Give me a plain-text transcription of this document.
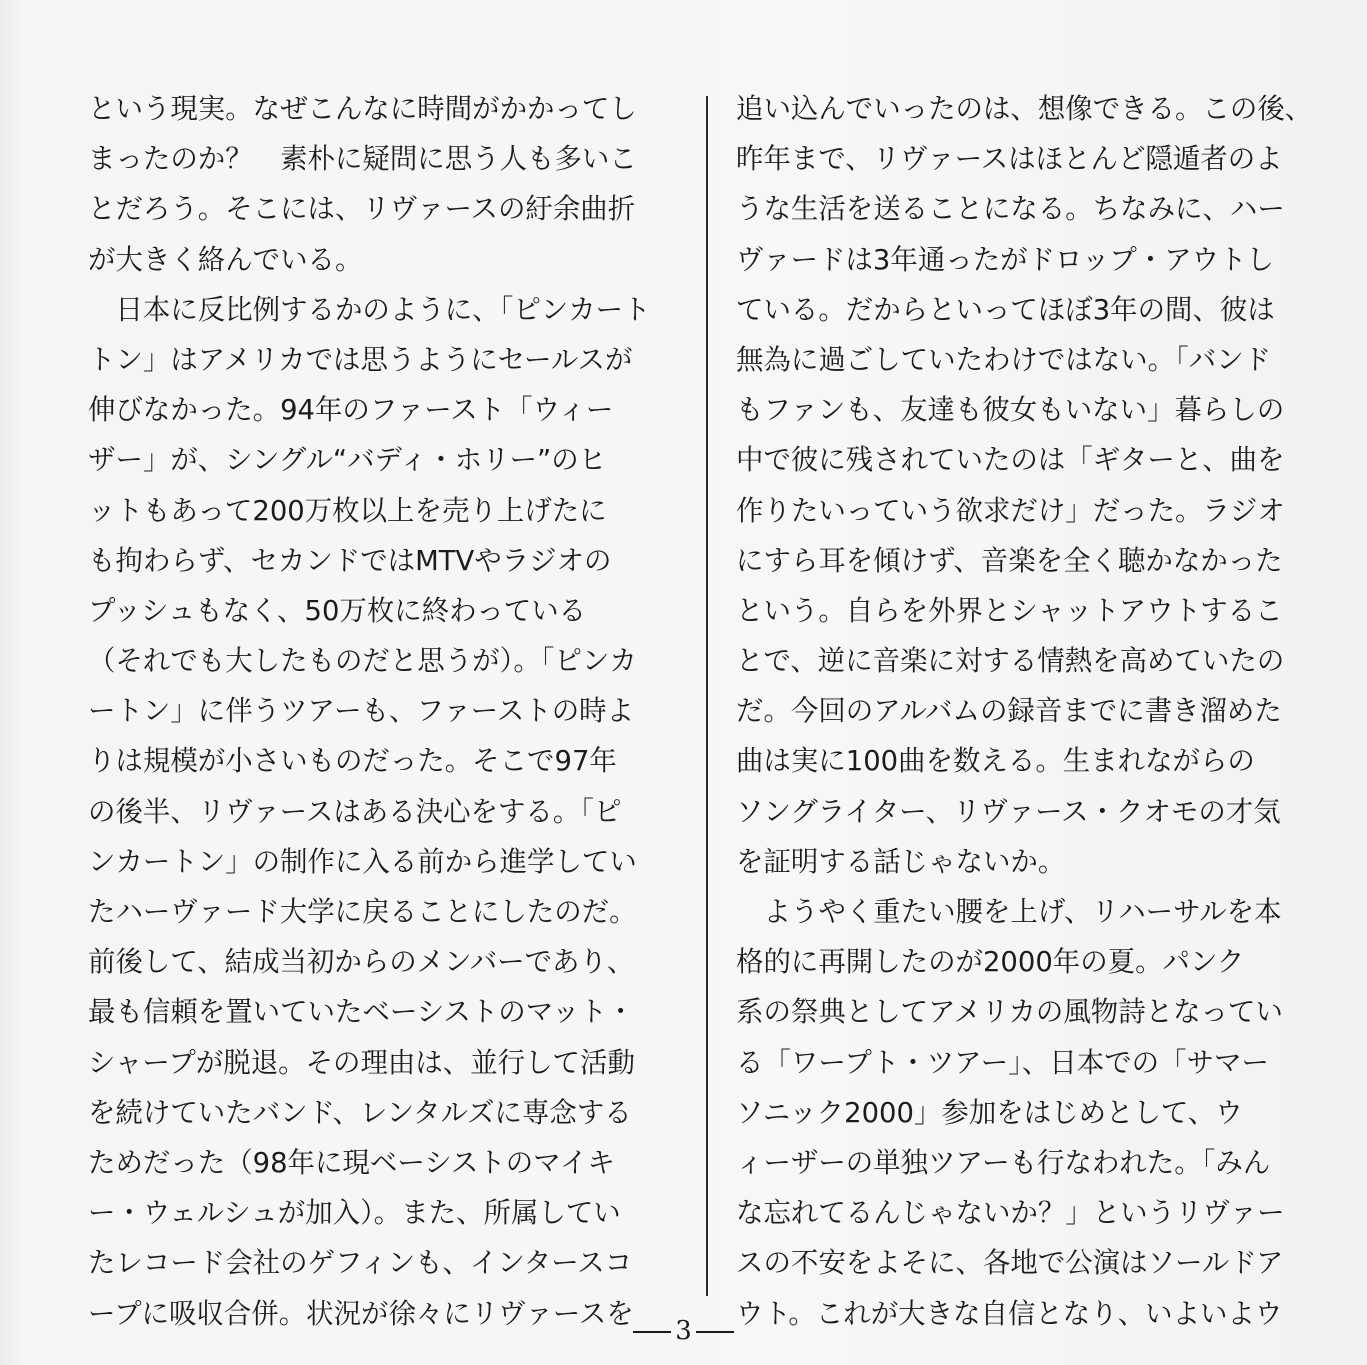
という現実。なぜこんなに時間がかかってし
まったのか？　素朴に疑問に思う人も多いこ
とだろう。そこには、リヴァースの紆余曲折
が大きく絡んでいる。
　日本に反比例するかのように、「ピンカート
トン」はアメリカでは思うようにセールスが
伸びなかった。94年のファースト「ウィー
ザー」が、シングル“バディ・ホリー”のヒ
ットもあって200万枚以上を売り上げたに
も拘わらず、セカンドではMTVやラジオの
プッシュもなく、50万枚に終わっている
（それでも大したものだと思うが）。「ピンカ
ートン」に伴うツアーも、ファーストの時よ
りは規模が小さいものだった。そこで97年
の後半、リヴァースはある決心をする。「ピ
ンカートン」の制作に入る前から進学してい
たハーヴァード大学に戻ることにしたのだ。
前後して、結成当初からのメンバーであり、
最も信頼を置いていたベーシストのマット・
シャープが脱退。その理由は、並行して活動
を続けていたバンド、レンタルズに専念する
ためだった（98年に現ベーシストのマイキ
ー・ウェルシュが加入）。また、所属してい
たレコード会社のゲフィンも、インタースコ
ープに吸収合併。状況が徐々にリヴァースを
追い込んでいったのは、想像できる。この後、
昨年まで、リヴァースはほとんど隠遁者のよ
うな生活を送ることになる。ちなみに、ハー
ヴァードは3年通ったがドロップ・アウトし
ている。だからといってほぼ3年の間、彼は
無為に過ごしていたわけではない。「バンド
もファンも、友達も彼女もいない」暮らしの
中で彼に残されていたのは「ギターと、曲を
作りたいっていう欲求だけ」だった。ラジオ
にすら耳を傾けず、音楽を全く聴かなかった
という。自らを外界とシャットアウトするこ
とで、逆に音楽に対する情熱を高めていたの
だ。今回のアルバムの録音までに書き溜めた
曲は実に100曲を数える。生まれながらの
ソングライター、リヴァース・クオモの才気
を証明する話じゃないか。
　ようやく重たい腰を上げ、リハーサルを本
格的に再開したのが2000年の夏。パンク
系の祭典としてアメリカの風物詩となってい
る「ワープト・ツアー」、日本での「サマー
ソニック2000」参加をはじめとして、ウ
ィーザーの単独ツアーも行なわれた。「みん
な忘れてるんじゃないか？」というリヴァー
スの不安をよそに、各地で公演はソールドア
ウト。これが大きな自信となり、いよいよウ
3
